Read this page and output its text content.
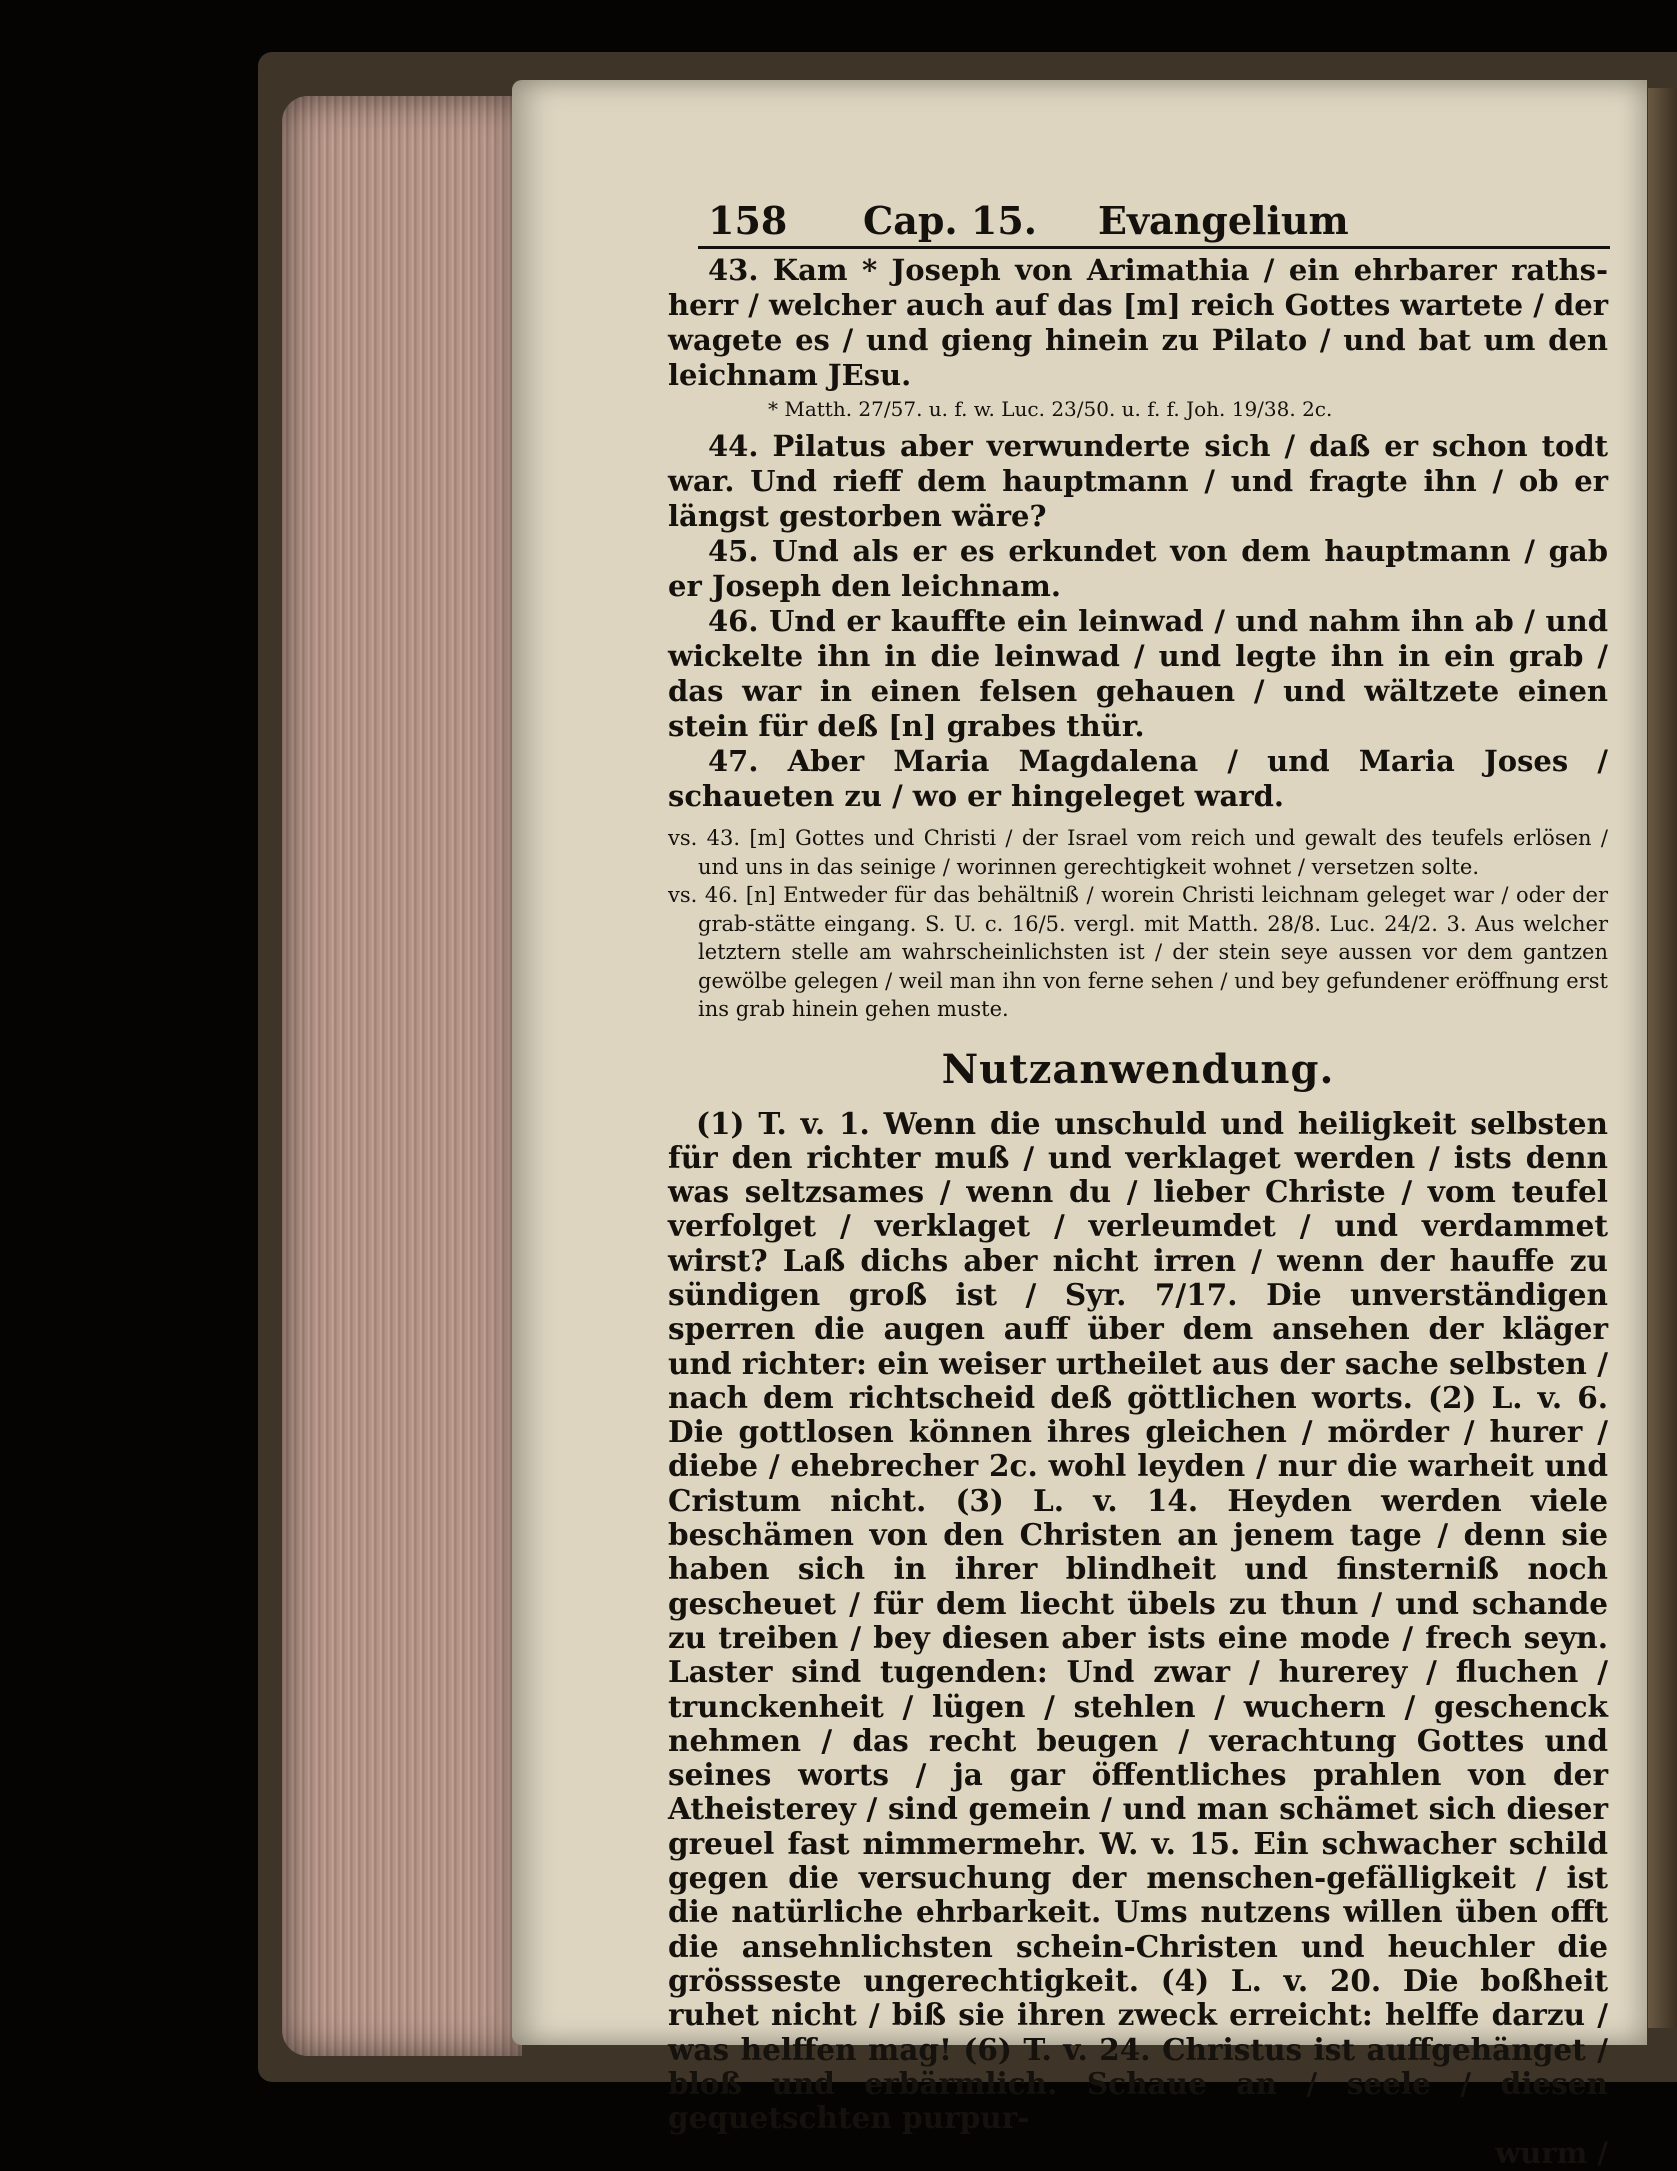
158 Cap. 15. Evangelium

43. Kam * Joseph von Arimathia / ein ehrbarer raths-herr / welcher auch auf das [m] reich Gottes wartete / der wagete es / und gieng hinein zu Pilato / und bat um den leichnam JEsu.

* Matth. 27/57. u. f. w. Luc. 23/50. u. f. f. Joh. 19/38. 2c.

44. Pilatus aber verwunderte sich / daß er schon todt war. Und rieff dem hauptmann / und fragte ihn / ob er längst gestorben wäre?

45. Und als er es erkundet von dem hauptmann / gab er Joseph den leichnam.

46. Und er kauffte ein leinwad / und nahm ihn ab / und wickelte ihn in die leinwad / und legte ihn in ein grab / das war in einen felsen gehauen / und wältzete einen stein für deß [n] grabes thür.

47. Aber Maria Magdalena / und Maria Joses / schaueten zu / wo er hingeleget ward.

vs. 43. [m] Gottes und Christi / der Israel vom reich und gewalt des teufels erlösen / und uns in das seinige / worinnen gerechtigkeit wohnet / versetzen solte.

vs. 46. [n] Entweder für das behältniß / worein Christi leichnam geleget war / oder der grab-stätte eingang. S. U. c. 16/5. vergl. mit Matth. 28/8. Luc. 24/2. 3. Aus welcher letztern stelle am wahrscheinlichsten ist / der stein seye aussen vor dem gantzen gewölbe gelegen / weil man ihn von ferne sehen / und bey gefundener eröffnung erst ins grab hinein gehen muste.

Nutzanwendung.

(1) T. v. 1. Wenn die unschuld und heiligkeit selbsten für den richter muß / und verklaget werden / ists denn was seltzsames / wenn du / lieber Christe / vom teufel verfolget / verklaget / verleumdet / und verdammet wirst? Laß dichs aber nicht irren / wenn der hauffe zu sündigen groß ist / Syr. 7/17. Die unverständigen sperren die augen auff über dem ansehen der kläger und richter: ein weiser urtheilet aus der sache selbsten / nach dem richtscheid deß göttlichen worts. (2) L. v. 6. Die gottlosen können ihres gleichen / mörder / hurer / diebe / ehebrecher 2c. wohl leyden / nur die warheit und Cristum nicht. (3) L. v. 14. Heyden werden viele beschämen von den Christen an jenem tage / denn sie haben sich in ihrer blindheit und finsterniß noch gescheuet / für dem liecht übels zu thun / und schande zu treiben / bey diesen aber ists eine mode / frech seyn. Laster sind tugenden: Und zwar / hurerey / fluchen / trunckenheit / lügen / stehlen / wuchern / geschenck nehmen / das recht beugen / verachtung Gottes und seines worts / ja gar öffentliches prahlen von der Atheisterey / sind gemein / und man schämet sich dieser greuel fast nimmermehr. W. v. 15. Ein schwacher schild gegen die versuchung der menschen-gefälligkeit / ist die natürliche ehrbarkeit. Ums nutzens willen üben offt die ansehnlichsten schein-Christen und heuchler die grössseste ungerechtigkeit. (4) L. v. 20. Die boßheit ruhet nicht / biß sie ihren zweck erreicht: helffe darzu / was helffen mag! (6) T. v. 24. Christus ist auffgehänget / bloß und erbärmlich. Schaue an / seele / diesen gequetschten purpur-

wurm /
